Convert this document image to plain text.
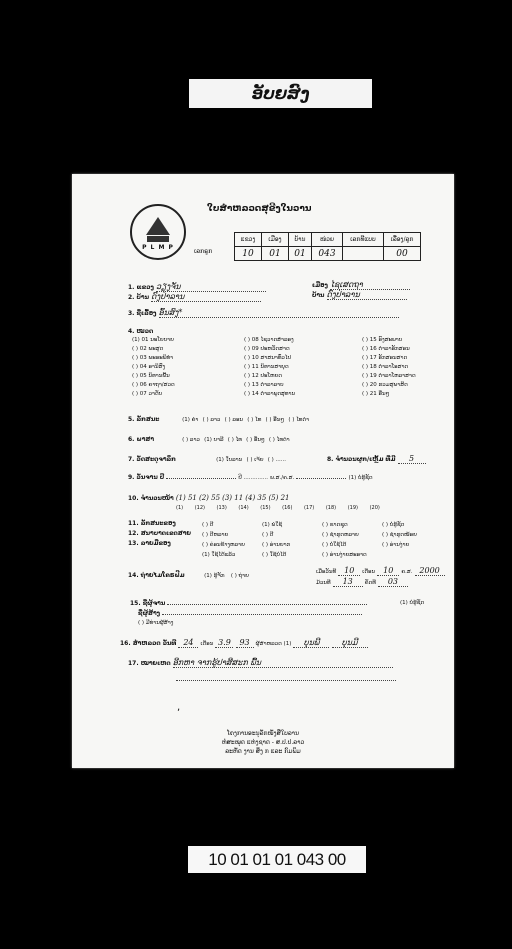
ອັບຍສົງ
P L M P
ໃບສຳຫລວດສຸຂີງໃນວານ
ເລກຣູກ
ແຂວງ	ເມືອງ	ບ້ານ	ໜ່ວຍ	ເລກທີແບບ	ເລື່ອງ/ລູກ
10	01	01	043		00
1. ແຂວງ ວຽງຈັນ	ເມືອງ ໄຊເສດຖາ
2. ບ້ານ ດົງປ່າລານ	ບ້ານ ດົງປ່າລານ
3. ຊື່ເລື້ອງ ອົ້ນສົງ*
4. ໝວດ
(1) 01 ນະໂຍບາຍ	( ) 08 ໄຊວາດສໍາລອງ	( ) 15 ອົງສະພາບ
( ) 02 ພະສູດ	( ) 09 ປະຫວັດສາດ	( ) 16 ຕຳລາອັກສອນ
( ) 03 ພະອະພິທໍາ	( ) 10 ສາສນາທົ່ວໄປ	( ) 17 ອັກສອນສາດ
( ) 04 ອານິສົງ	( ) 11 ນິທານສາຍຸດ	( ) 18 ຕຳລາໂອສາດ
( ) 05 ນິທານພື້ນ	( ) 12 ປະໂຫຍດ	( ) 19 ຕຳລາໂຫລາສາດ
( ) 06 ຄາຖາ/ສວດ	( ) 13 ຕຳລາລາບ	( ) 20 ຮວມສຸພາສິດ
( ) 07 ວາດັບ	( ) 14 ຕຳລາພຸດສຸທານ	( ) 21 ອື່ນໆ
5. ລັກສນະ	(1) ຄຳ ( ) ລາວ ( ) ລອນ ( ) ໄທ ( ) ອື່ນໆ ( ) ໄທດຳ
6. ພາສາ	( ) ລາວ (1) ບາລີ ( ) ໄທ ( ) ອື່ນໆ ( ) ໄທດຳ
7. ວັດສະດຸຈາລຶກ	(1) ໃບລານ ( ) ເຈ້ຍ ( ) ......	8. ຈຳນວນຜູກ/ເຫຼັ້ມ ທີ່ມີ 5
9. ວັນຈານ ປີ	ປີ .............. ພ.ສ./ຄ.ສ.	(1) ບໍ່ຮູ້ຊັດ
10. ຈຳນວນໜ້າ (1) 51 (2) 55 (3) 11 (4) 35 (5) 21
(1) (12) (13) (14) (15) (16) (17) (18) (19) (20)
11. ລັກສນະຂອງ
12. ສນາບາດເຂດສາຍ
13. ລາຍມືຂອງ
( ) ດີ	(1) ພໍໃຊ້	( ) ຂາດຊຸດ	( ) ບໍ່ຮູ້ຊັດ
( ) ດີຫລາຍ	( ) ດີ	( ) ຊຳຮຸດຫລາຍ	( ) ຊຳຮຸດໜ້ອຍ
( ) ຄ່ອນຂ້າງຫລາຍ	( ) ອ່ານຍາກ	( ) ບໍ່ໃຊ້ໄດ້	( ) ອ່ານງ່າຍ
(1) ໃຊ້ໄດ້ແລ້ວ	( ) ໃຊ້ບໍ່ໄດ້	( ) ອ່ານງ່າຍສະອາດ
14. ຖ່າຍໄມໂຄຣຟີມ	(1) ຮູ້ຈັກ ( ) ຖ່າຍ
ເມື່ອວັນທີ 10 ເດືອນ 10 ຄ.ສ. 2000
ມ້ວນທີ 13 ຄັດທີ 03
15. ຊື່ຜູ້ຈານ
ຊື່ຜູ້ສ້າງ
( ) ມີທ່ານຜູ້ສ້າງ
(1) ບໍ່ຮູ້ຊັດ
16. ສຳຫລວດ ວັນທີ 24 ເດືອນ 3.9 93 ຜູ້ສຳຫລວດ (1) ບຸນພີ	ບຸນມີ
17. ໝາຍເຫດ ອີກຫາ ຈາກຮູ້ປາສີສະກ ພື້ນ
,
ໂຄງການອະນຸລັກໜັງສືໃບລານ
ຫໍສະໝຸດ ແຫ່ງຊາດ - ສ.ປ.ປ.ລາວ
ລະຫັດ ງານ ສິ່ງ ກ ແລະ ກົມພິມ
10 01 01 01 043 00
